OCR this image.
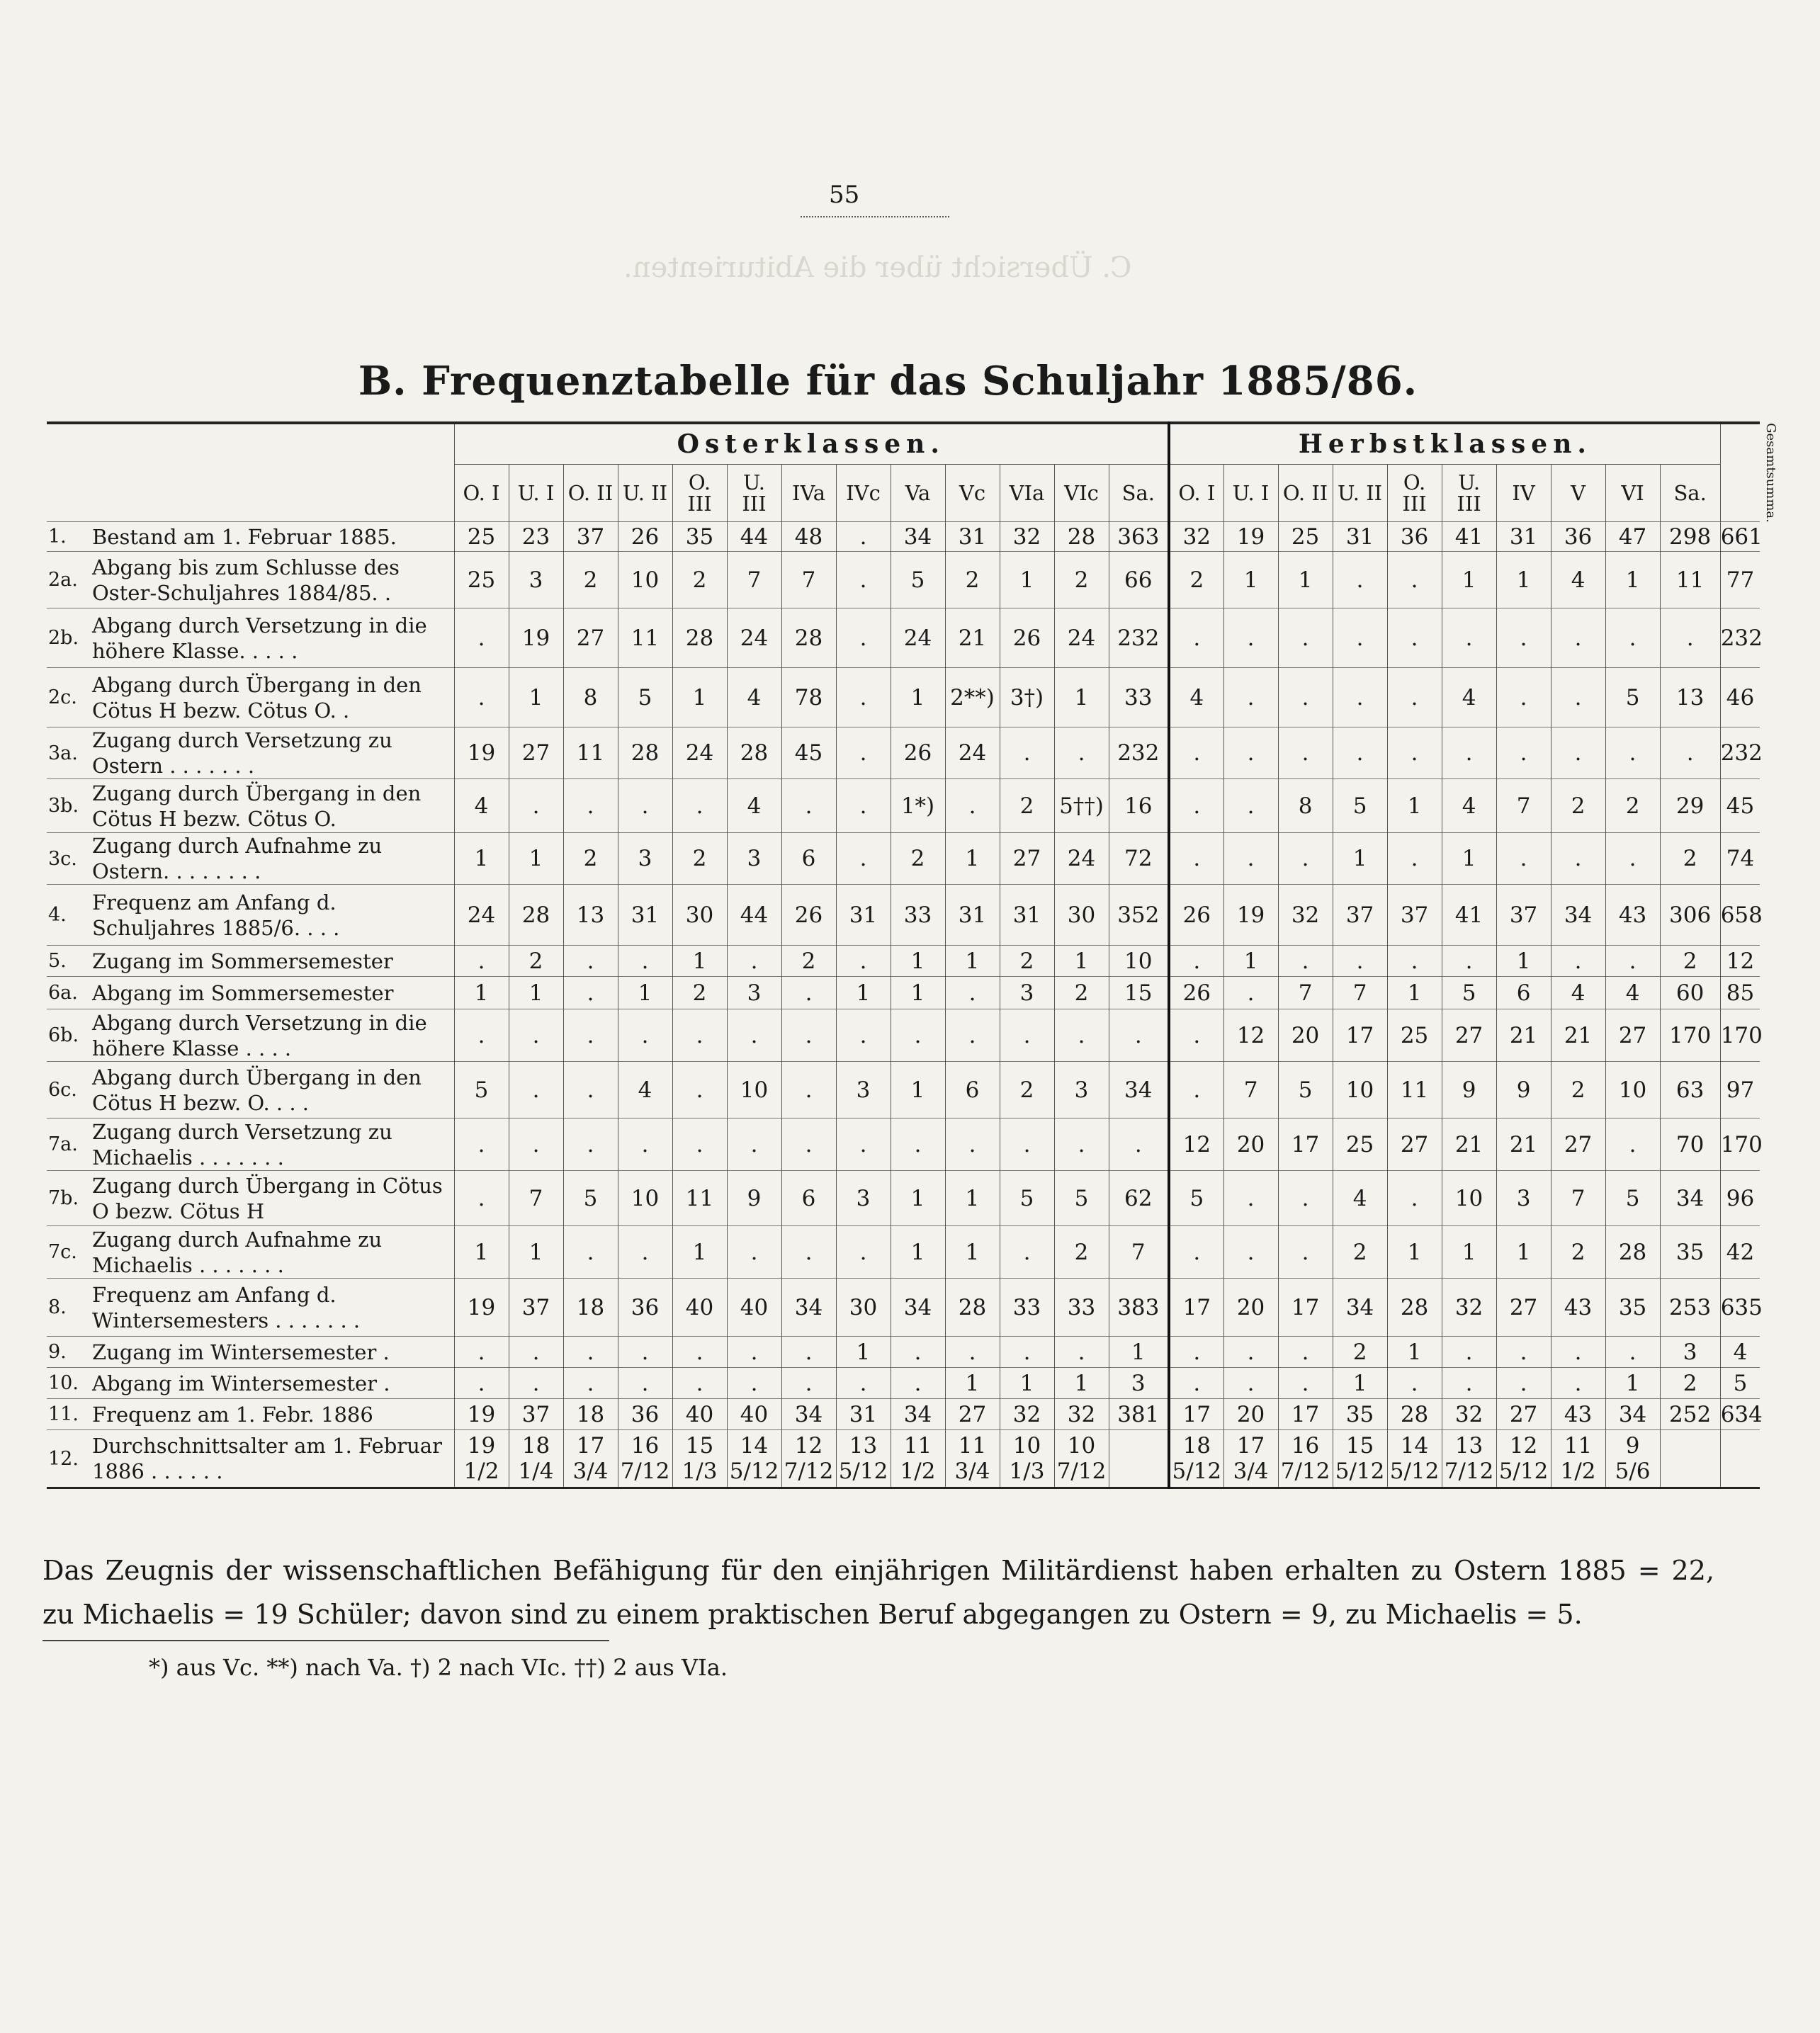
C. Übersicht über die Abiturienten.
55
B. Frequenztabelle für das Schuljahr 1885/86.
		Osterklassen.													Herbstklassen.										Gesamtsumma.
		O. I	U. I	O. II	U. II	O.
III	U.
III	IVa	IVc	Va	Vc	VIa	VIc	Sa.	O. I	U. I	O. II	U. II	O.
III	U.
III	IV	V	VI	Sa.	
1.	Bestand am 1. Februar 1885.	25	23	37	26	35	44	48	.	34	31	32	28	363	32	19	25	31	36	41	31	36	47	298	661
2a.	Abgang bis zum Schlusse des Oster-Schuljahres 1884/85. .	25	3	2	10	2	7	7	.	5	2	1	2	66	2	1	1	.	.	1	1	4	1	11	77
2b.	Abgang durch Versetzung in die höhere Klasse. . . . .	.	19	27	11	28	24	28	.	24	21	26	24	232	.	.	.	.	.	.	.	.	.	.	232
2c.	Abgang durch Übergang in den Cötus H bezw. Cötus O. .	.	1	8	5	1	4	78	.	1	2**)	3†)	1	33	4	.	.	.	.	4	.	.	5	13	46
3a.	Zugang durch Versetzung zu Ostern . . . . . . .	19	27	11	28	24	28	45	.	26	24	.	.	232	.	.	.	.	.	.	.	.	.	.	232
3b.	Zugang durch Übergang in den Cötus H bezw. Cötus O.	4	.	.	.	.	4	.	.	1*)	.	2	5††)	16	.	.	8	5	1	4	7	2	2	29	45
3c.	Zugang durch Aufnahme zu Ostern. . . . . . . .	1	1	2	3	2	3	6	.	2	1	27	24	72	.	.	.	1	.	1	.	.	.	2	74
4.	Frequenz am Anfang d. Schuljahres 1885/6. . . .	24	28	13	31	30	44	26	31	33	31	31	30	352	26	19	32	37	37	41	37	34	43	306	658
5.	Zugang im Sommersemester	.	2	.	.	1	.	2	.	1	1	2	1	10	.	1	.	.	.	.	1	.	.	2	12
6a.	Abgang im Sommersemester	1	1	.	1	2	3	.	1	1	.	3	2	15	26	.	7	7	1	5	6	4	4	60	85
6b.	Abgang durch Versetzung in die höhere Klasse . . . .	.	.	.	.	.	.	.	.	.	.	.	.	.	.	12	20	17	25	27	21	21	27	170	170
6c.	Abgang durch Übergang in den Cötus H bezw. O. . . .	5	.	.	4	.	10	.	3	1	6	2	3	34	.	7	5	10	11	9	9	2	10	63	97
7a.	Zugang durch Versetzung zu Michaelis . . . . . . .	.	.	.	.	.	.	.	.	.	.	.	.	.	12	20	17	25	27	21	21	27	.	70	170
7b.	Zugang durch Übergang in Cötus O bezw. Cötus H	.	7	5	10	11	9	6	3	1	1	5	5	62	5	.	.	4	.	10	3	7	5	34	96
7c.	Zugang durch Aufnahme zu Michaelis . . . . . . .	1	1	.	.	1	.	.	.	1	1	.	2	7	.	.	.	2	1	1	1	2	28	35	42
8.	Frequenz am Anfang d. Wintersemesters . . . . . . .	19	37	18	36	40	40	34	30	34	28	33	33	383	17	20	17	34	28	32	27	43	35	253	635
9.	Zugang im Wintersemester .	.	.	.	.	.	.	.	1	.	.	.	.	1	.	.	.	2	1	.	.	.	.	3	4
10.	Abgang im Wintersemester .	.	.	.	.	.	.	.	.	.	1	1	1	3	.	.	.	1	.	.	.	.	1	2	5
11.	Frequenz am 1. Febr. 1886	19	37	18	36	40	40	34	31	34	27	32	32	381	17	20	17	35	28	32	27	43	34	252	634
12.	Durchschnittsalter am 1. Februar 1886 . . . . . .	19 1/2	18 1/4	17 3/4	16 7/12	15 1/3	14 5/12	12 7/12	13 5/12	11 1/2	11 3/4	10 1/3	10 7/12		18 5/12	17 3/4	16 7/12	15 5/12	14 5/12	13 7/12	12 5/12	11 1/2	9 5/6		
Das Zeugnis der wissenschaftlichen Befähigung für den einjährigen Militärdienst haben erhalten zu Ostern 1885 = 22,
zu Michaelis = 19 Schüler; davon sind zu einem praktischen Beruf abgegangen zu Ostern = 9, zu Michaelis = 5.
*) aus Vc. **) nach Va. †) 2 nach VIc. ††) 2 aus VIa.
